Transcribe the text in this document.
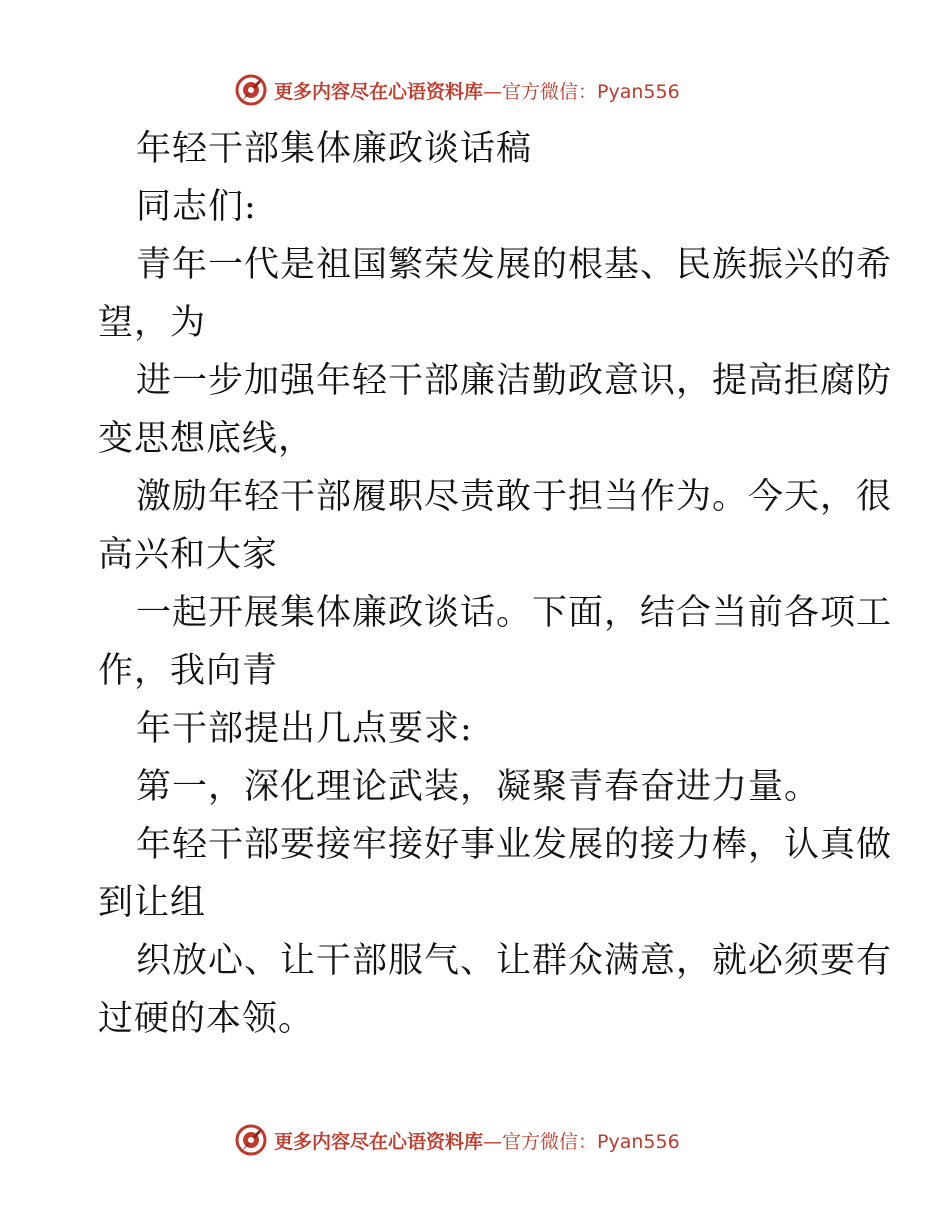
更多内容尽在心语资料库 —官方微信：Pyan556
年轻干部集体廉政谈话稿
同志们:
青年一代是祖国繁荣发展的根基、民族振兴的希
望，为
进一步加强年轻干部廉洁勤政意识，提高拒腐防
变思想底线，
激励年轻干部履职尽责敢于担当作为。今天，很
高兴和大家
一起开展集体廉政谈话。下面，结合当前各项工
作，我向青
年干部提出几点要求:
第一，深化理论武装，凝聚青春奋进力量。
年轻干部要接牢接好事业发展的接力棒，认真做
到让组
织放心、让干部服气、让群众满意，就必须要有
过硬的本领。
更多内容尽在心语资料库 —官方微信：Pyan556
